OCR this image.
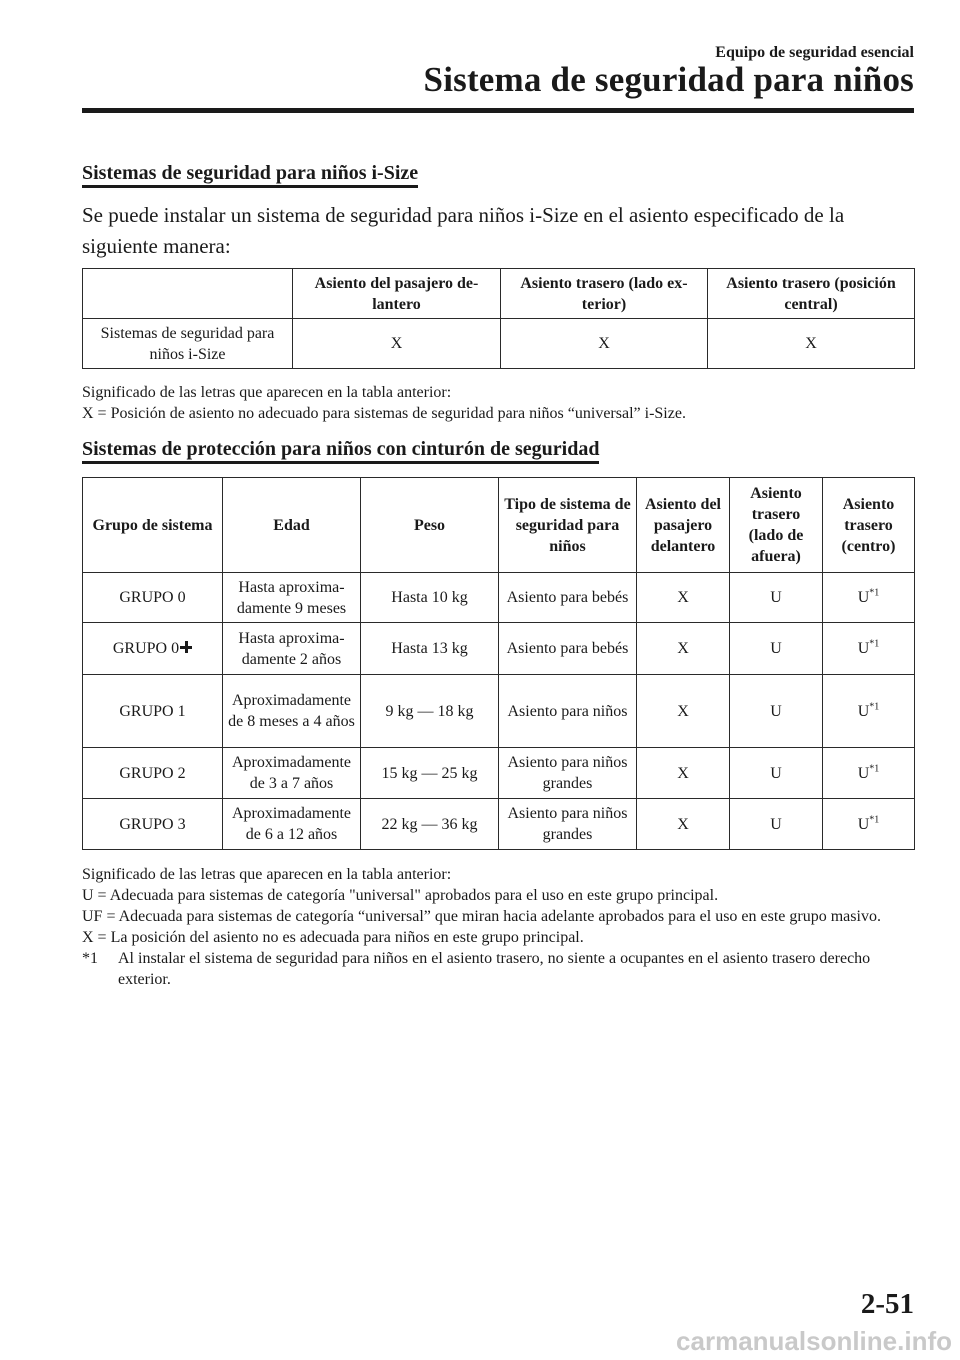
Equipo de seguridad esencial
Sistema de seguridad para niños
Sistemas de seguridad para niños i-Size
Se puede instalar un sistema de seguridad para niños i-Size en el asiento especificado de la siguiente manera:
	Asiento del pasajero delantero	Asiento trasero (lado exterior)	Asiento trasero (posición central)
Sistemas de seguridad para niños i-Size	X	X	X

Significado de las letras que aparecen en la tabla anterior:

X = Posición de asiento no adecuado para sistemas de seguridad para niños “universal” i-Size.

Sistemas de protección para niños con cinturón de seguridad
Grupo de sistema	Edad	Peso	Tipo de sistema de seguridad para niños	Asiento del pasajero delantero	Asiento trasero (lado de afuera)	Asiento trasero (centro)
GRUPO 0	Hasta aproximadamente 9 meses	Hasta 10 kg	Asiento para bebés	X	U	$U^{*1}$
GRUPO 0	Hasta aproximadamente 2 años	Hasta 13 kg	Asiento para bebés	X	U	$U^{*1}$
GRUPO 1	Aproximadamente de 8 meses a 4 años	9 kg ― 18 kg	Asiento para niños	X	U	$U^{*1}$
GRUPO 2	Aproximadamente de 3 a 7 años	15 kg ― 25 kg	Asiento para niños grandes	X	U	$U^{*1}$
GRUPO 3	Aproximadamente de 6 a 12 años	22 kg ― 36 kg	Asiento para niños grandes	X	U	$U^{*1}$

Significado de las letras que aparecen en la tabla anterior:

U = Adecuada para sistemas de categoría "universal" aprobados para el uso en este grupo principal.

UF = Adecuada para sistemas de categoría “universal” que miran hacia adelante aprobados para el uso en este grupo masivo.

X = La posición del asiento no es adecuada para niños en este grupo principal.

*1	Al instalar el sistema de seguridad para niños en el asiento trasero, no siente a ocupantes en el asiento trasero derecho exterior.
2-51
carmanualsonline.info
